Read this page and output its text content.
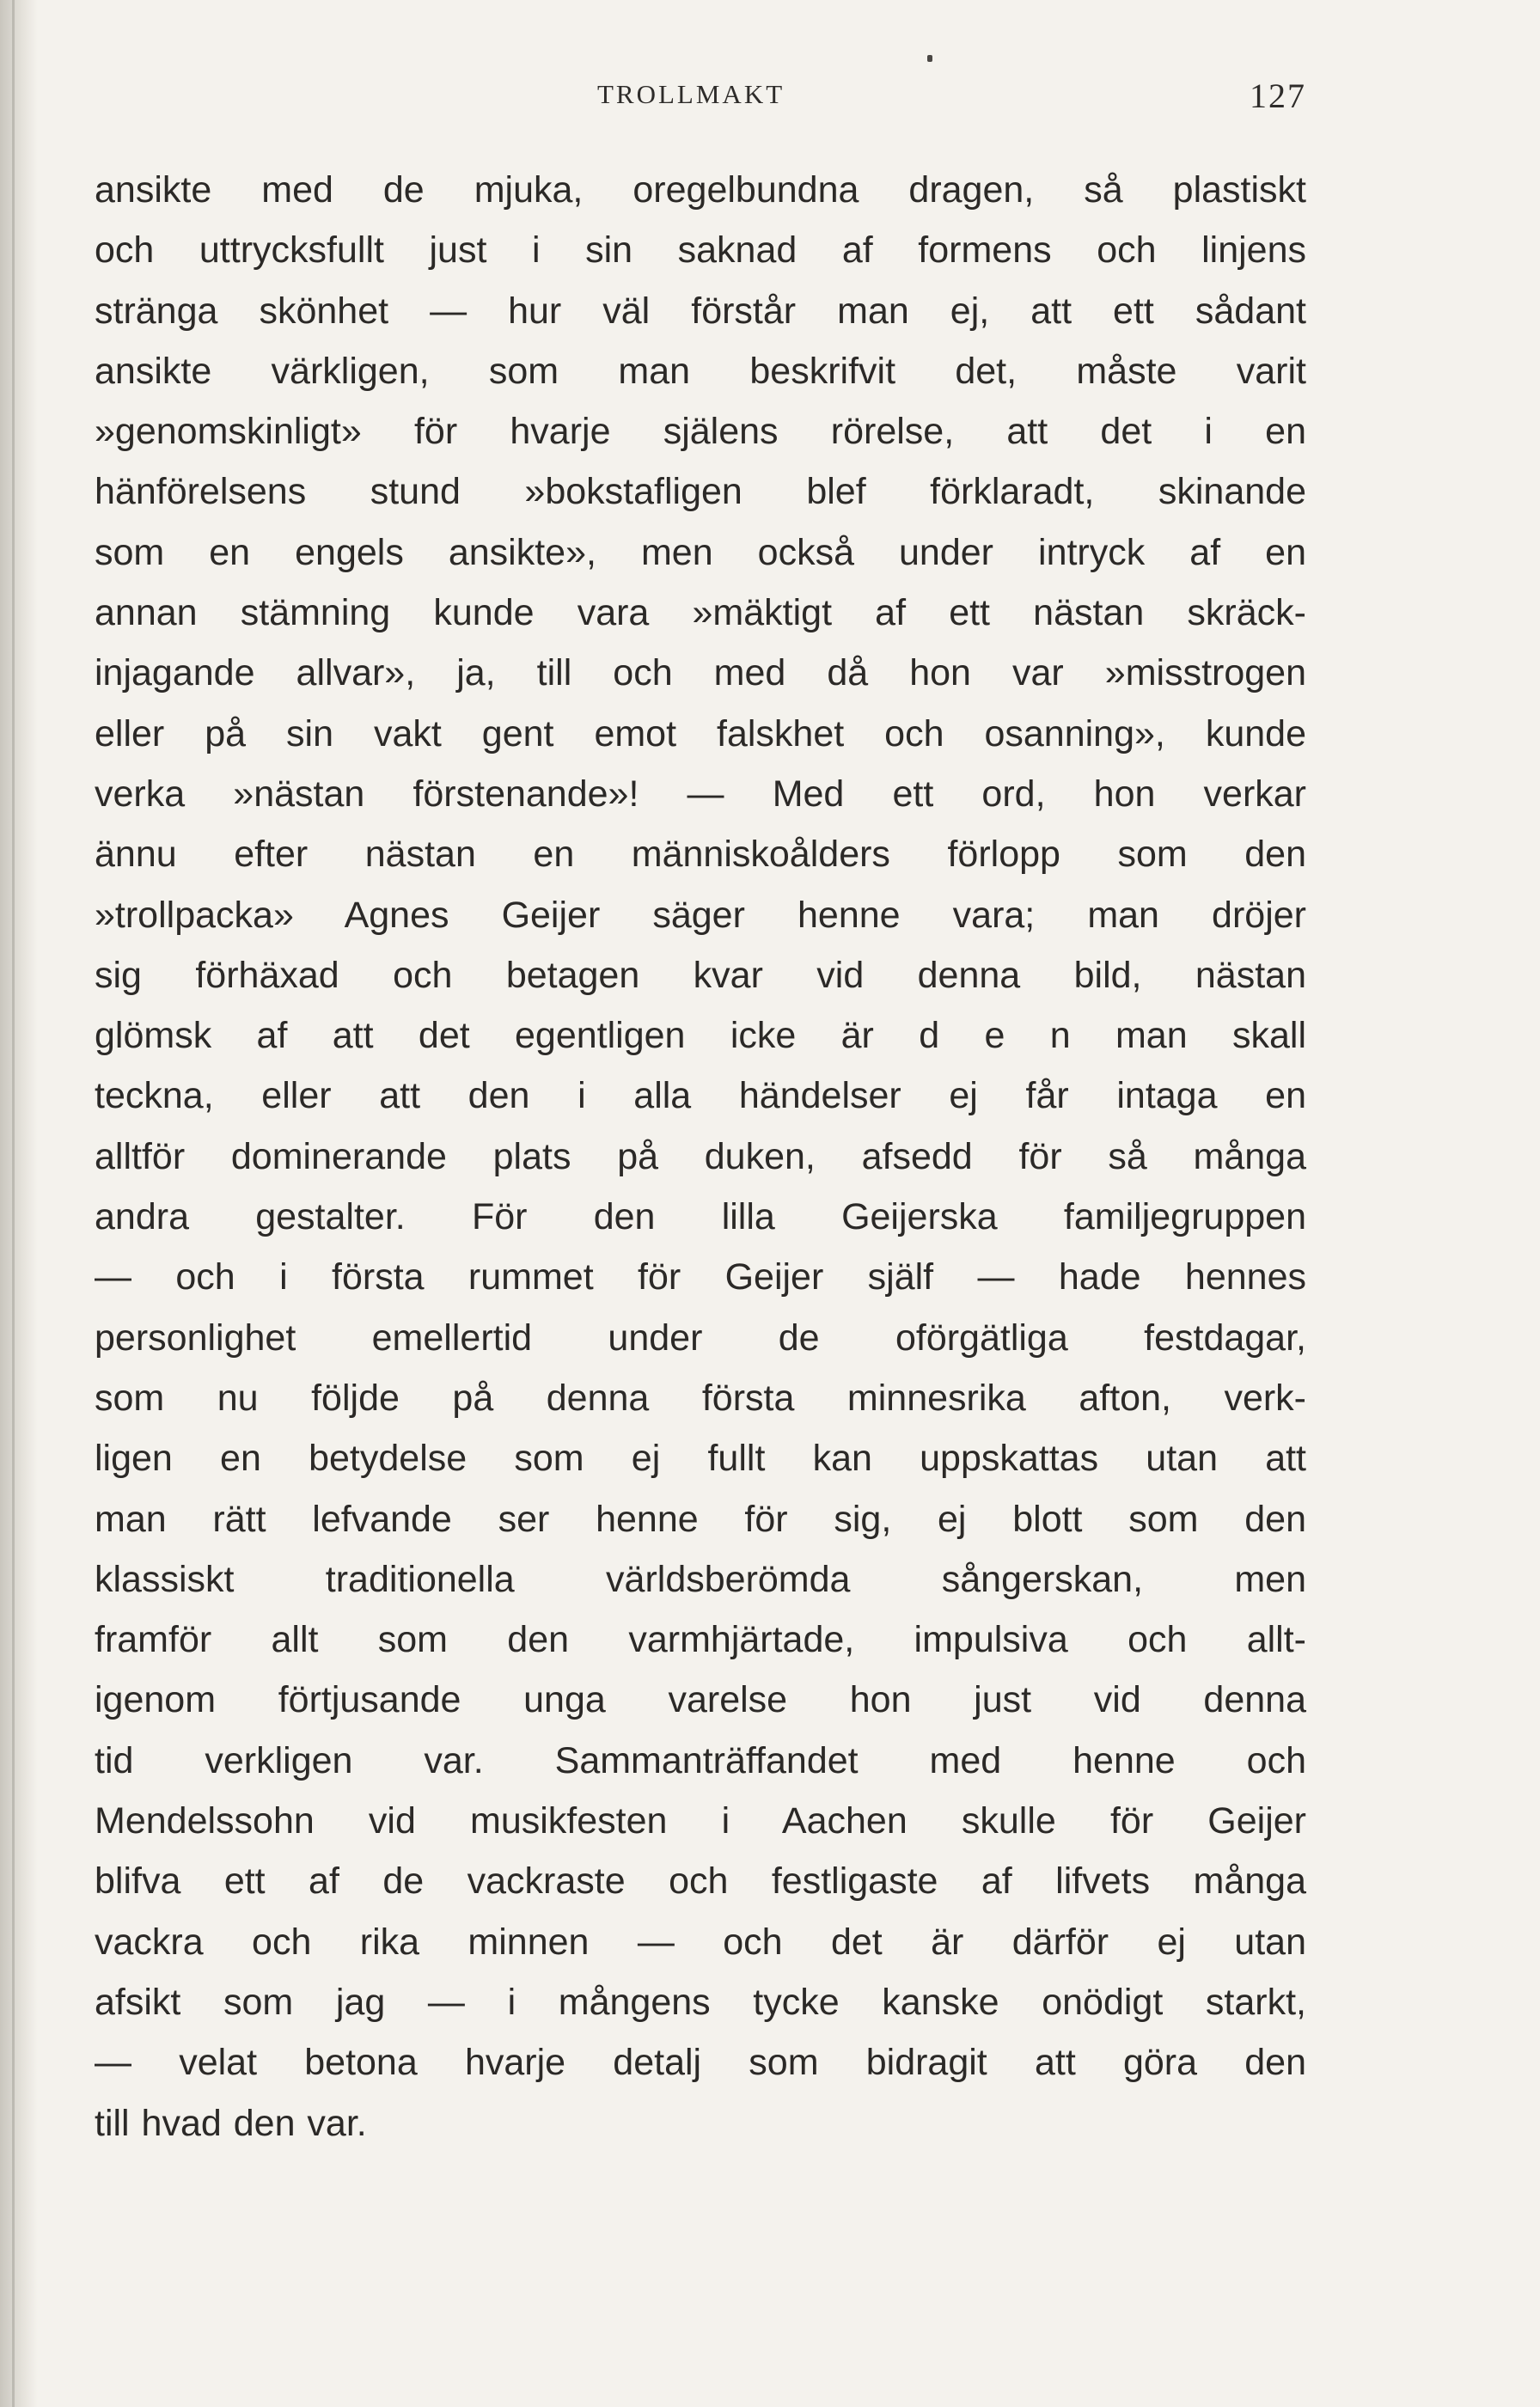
TROLLMAKT	127
ansikte med de mjuka, oregelbundna dragen, så plastiskt
och uttrycksfullt just i sin saknad af formens och linjens
stränga skönhet — hur väl förstår man ej, att ett sådant
ansikte värkligen, som man beskrifvit det, måste varit
»genomskinligt» för hvarje själens rörelse, att det i en
hänförelsens stund »bokstafligen blef förklaradt, skinande
som en engels ansikte», men också under intryck af en
annan stämning kunde vara »mäktigt af ett nästan skräck-
injagande allvar», ja, till och med då hon var »misstrogen
eller på sin vakt gent emot falskhet och osanning», kunde
verka »nästan förstenande»! — Med ett ord, hon verkar
ännu efter nästan en människoålders förlopp som den
»trollpacka» Agnes Geijer säger henne vara; man dröjer
sig förhäxad och betagen kvar vid denna bild, nästan
glömsk af att det egentligen icke är d e n man skall
teckna, eller att den i alla händelser ej får intaga en
alltför dominerande plats på duken, afsedd för så många
andra gestalter. För den lilla Geijerska familjegruppen
— och i första rummet för Geijer själf — hade hennes
personlighet emellertid under de oförgätliga festdagar,
som nu följde på denna första minnesrika afton, verk-
ligen en betydelse som ej fullt kan uppskattas utan att
man rätt lefvande ser henne för sig, ej blott som den
klassiskt traditionella världsberömda sångerskan, men
framför allt som den varmhjärtade, impulsiva och allt-
igenom förtjusande unga varelse hon just vid denna
tid verkligen var. Sammanträffandet med henne och
Mendelssohn vid musikfesten i Aachen skulle för Geijer
blifva ett af de vackraste och festligaste af lifvets många
vackra och rika minnen — och det är därför ej utan
afsikt som jag — i mångens tycke kanske onödigt starkt,
— velat betona hvarje detalj som bidragit att göra den
till hvad den var.
